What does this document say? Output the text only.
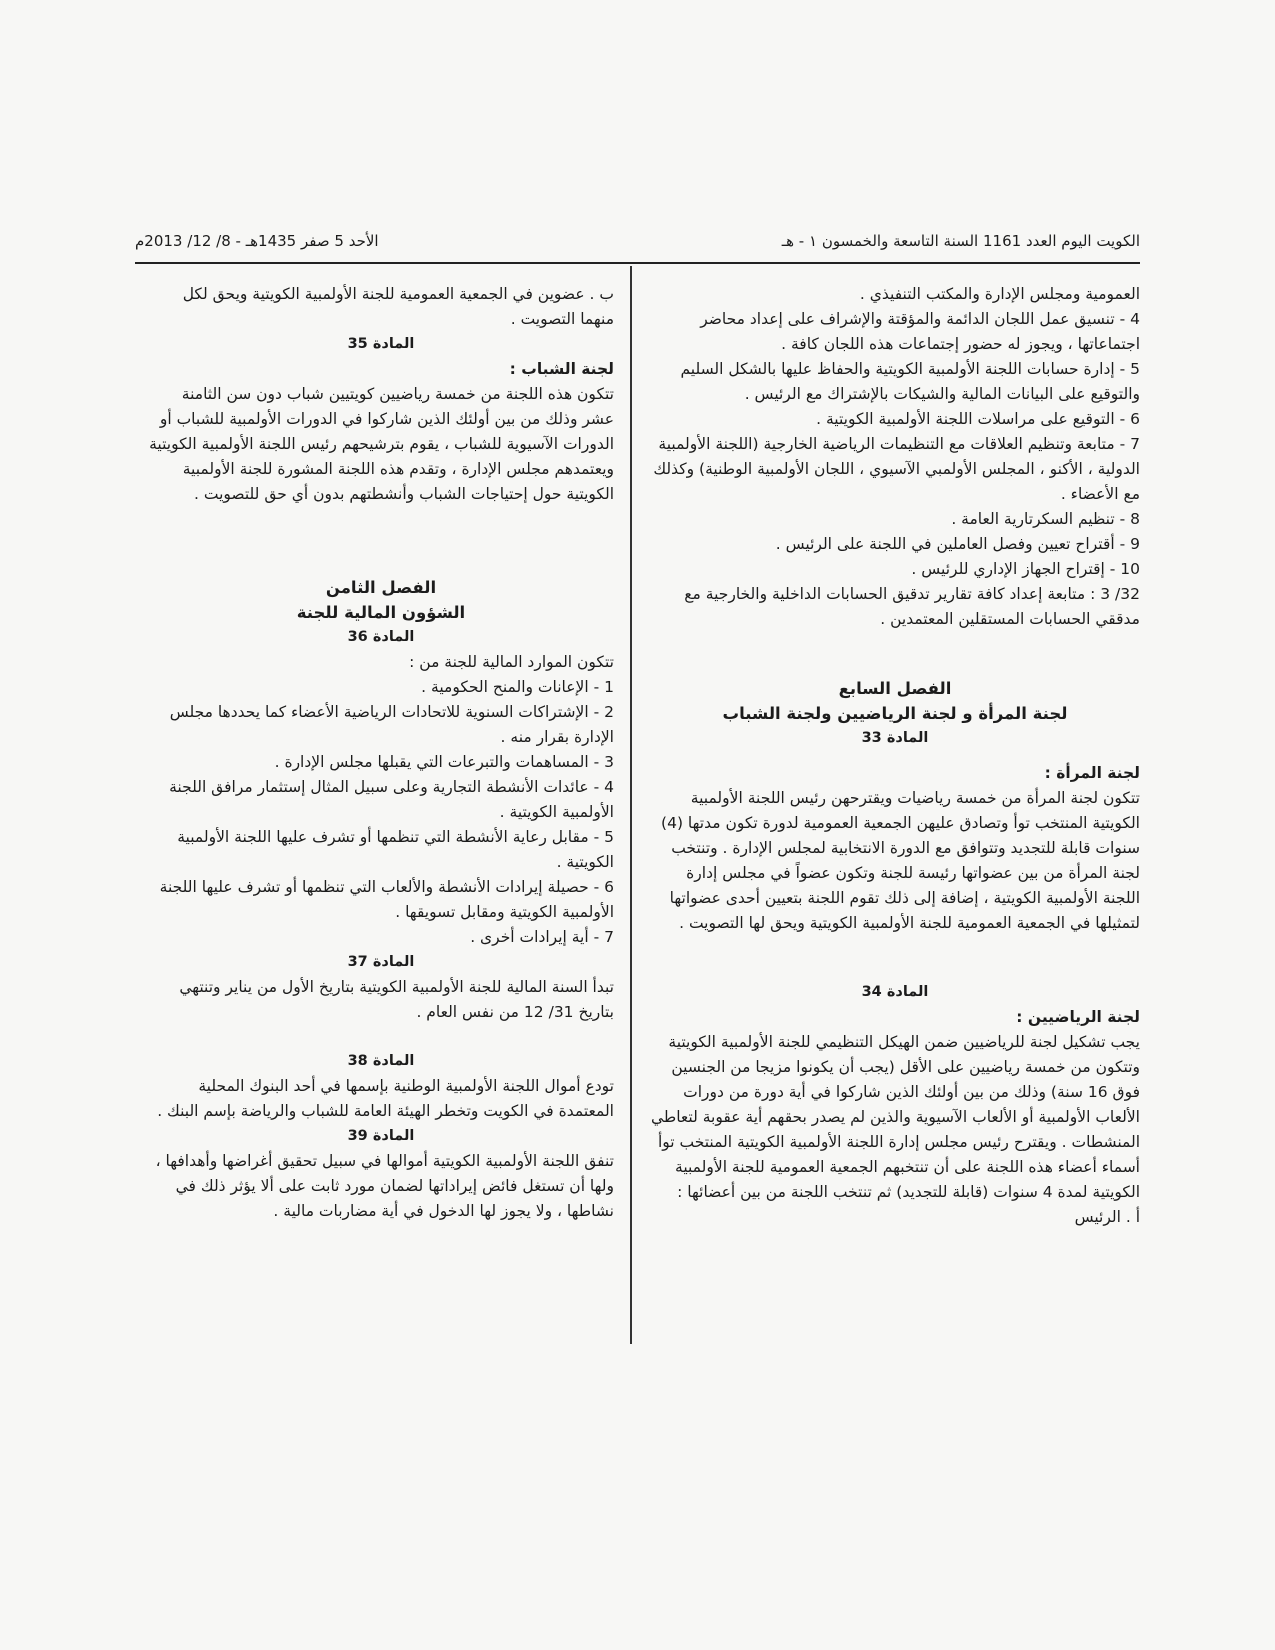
الكويت اليوم العدد 1161 السنة التاسعة والخمسون ١ - هـ
الأحد 5 صفر 1435هـ - 8/ 12/ 2013م

العمومية ومجلس الإدارة والمكتب التنفيذي .

4 - تنسيق عمل اللجان الدائمة والمؤقتة والإشراف على إعداد محاضر اجتماعاتها ، ويجوز له حضور إجتماعات هذه اللجان كافة .

5 - إدارة حسابات اللجنة الأولمبية الكويتية والحفاظ عليها بالشكل السليم والتوقيع على البيانات المالية والشيكات بالإشتراك مع الرئيس .

6 - التوقيع على مراسلات اللجنة الأولمبية الكويتية .

7 - متابعة وتنظيم العلاقات مع التنظيمات الرياضية الخارجية (اللجنة الأولمبية الدولية ، الأكنو ، المجلس الأولمبي الآسيوي ، اللجان الأولمبية الوطنية) وكذلك مع الأعضاء .

8 - تنظيم السكرتارية العامة .

9 - أقتراح تعيين وفصل العاملين في اللجنة على الرئيس .

10 - إقتراح الجهاز الإداري للرئيس .

32/ 3 : متابعة إعداد كافة تقارير تدقيق الحسابات الداخلية والخارجية مع مدققي الحسابات المستقلين المعتمدين .

الفصل السابع

لجنة المرأة و لجنة الرياضيين ولجنة الشباب

المادة 33

لجنة المرأة :

تتكون لجنة المرأة من خمسة رياضيات ويقترحهن رئيس اللجنة الأولمبية الكويتية المنتخب توأ وتصادق عليهن الجمعية العمومية لدورة تكون مدتها (4) سنوات قابلة للتجديد وتتوافق مع الدورة الانتخابية لمجلس الإدارة . وتنتخب لجنة المرأة من بين عضواتها رئيسة للجنة وتكون عضواً في مجلس إدارة اللجنة الأولمبية الكويتية ، إضافة إلى ذلك تقوم اللجنة بتعيين أحدى عضواتها لتمثيلها في الجمعية العمومية للجنة الأولمبية الكويتية ويحق لها التصويت .

المادة 34

لجنة الرياضيين :

يجب تشكيل لجنة للرياضيين ضمن الهيكل التنظيمي للجنة الأولمبية الكويتية وتتكون من خمسة رياضيين على الأقل (يجب أن يكونوا مزيجا من الجنسين فوق 16 سنة) وذلك من بين أولئك الذين شاركوا في أية دورة من دورات الألعاب الأولمبية أو الألعاب الآسيوية والذين لم يصدر بحقهم أية عقوبة لتعاطي المنشطات . ويقترح رئيس مجلس إدارة اللجنة الأولمبية الكويتية المنتخب توأ أسماء أعضاء هذه اللجنة على أن تنتخبهم الجمعية العمومية للجنة الأولمبية الكويتية لمدة 4 سنوات (قابلة للتجديد) ثم تنتخب اللجنة من بين أعضائها :

أ . الرئيس

ب . عضوين في الجمعية العمومية للجنة الأولمبية الكويتية ويحق لكل منهما التصويت .

المادة 35

لجنة الشباب :

تتكون هذه اللجنة من خمسة رياضيين كويتيين شباب دون سن الثامنة عشر وذلك من بين أولئك الذين شاركوا في الدورات الأولمبية للشباب أو الدورات الآسيوية للشباب ، يقوم بترشيحهم رئيس اللجنة الأولمبية الكويتية ويعتمدهم مجلس الإدارة ، وتقدم هذه اللجنة المشورة للجنة الأولمبية الكويتية حول إحتياجات الشباب وأنشطتهم بدون أي حق للتصويت .

الفصل الثامن

الشؤون المالية للجنة

المادة 36

تتكون الموارد المالية للجنة من :

1 - الإعانات والمنح الحكومية .

2 - الإشتراكات السنوية للاتحادات الرياضية الأعضاء كما يحددها مجلس الإدارة بقرار منه .

3 - المساهمات والتبرعات التي يقبلها مجلس الإدارة .

4 - عائدات الأنشطة التجارية وعلى سبيل المثال إستثمار مرافق اللجنة الأولمبية الكويتية .

5 - مقابل رعاية الأنشطة التي تنظمها أو تشرف عليها اللجنة الأولمبية الكويتية .

6 - حصيلة إيرادات الأنشطة والألعاب التي تنظمها أو تشرف عليها اللجنة الأولمبية الكويتية ومقابل تسويقها .

7 - أية إيرادات أخرى .

المادة 37

تبدأ السنة المالية للجنة الأولمبية الكويتية بتاريخ الأول من يناير وتنتهي بتاريخ 31/ 12 من نفس العام .

المادة 38

تودع أموال اللجنة الأولمبية الوطنية بإسمها في أحد البنوك المحلية المعتمدة في الكويت وتخطر الهيئة العامة للشباب والرياضة بإسم البنك .

المادة 39

تنفق اللجنة الأولمبية الكويتية أموالها في سبيل تحقيق أغراضها وأهدافها ، ولها أن تستغل فائض إيراداتها لضمان مورد ثابت على ألا يؤثر ذلك في نشاطها ، ولا يجوز لها الدخول في أية مضاربات مالية .
